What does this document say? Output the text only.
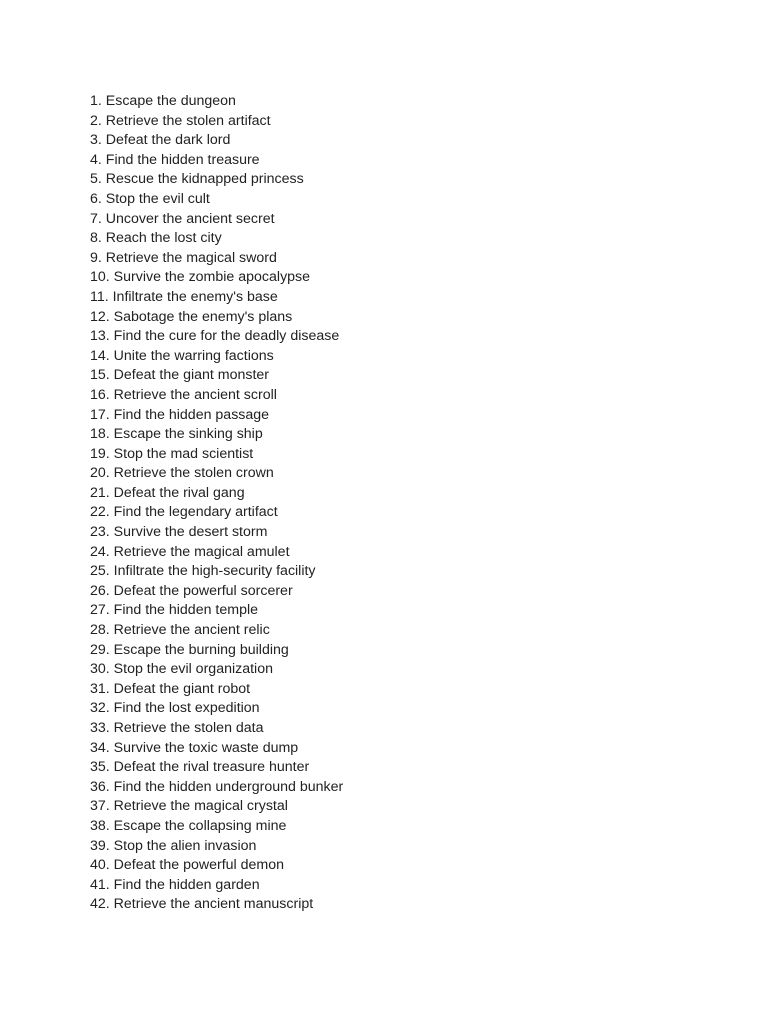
1. Escape the dungeon
2. Retrieve the stolen artifact
3. Defeat the dark lord
4. Find the hidden treasure
5. Rescue the kidnapped princess
6. Stop the evil cult
7. Uncover the ancient secret
8. Reach the lost city
9. Retrieve the magical sword
10. Survive the zombie apocalypse
11. Infiltrate the enemy's base
12. Sabotage the enemy's plans
13. Find the cure for the deadly disease
14. Unite the warring factions
15. Defeat the giant monster
16. Retrieve the ancient scroll
17. Find the hidden passage
18. Escape the sinking ship
19. Stop the mad scientist
20. Retrieve the stolen crown
21. Defeat the rival gang
22. Find the legendary artifact
23. Survive the desert storm
24. Retrieve the magical amulet
25. Infiltrate the high-security facility
26. Defeat the powerful sorcerer
27. Find the hidden temple
28. Retrieve the ancient relic
29. Escape the burning building
30. Stop the evil organization
31. Defeat the giant robot
32. Find the lost expedition
33. Retrieve the stolen data
34. Survive the toxic waste dump
35. Defeat the rival treasure hunter
36. Find the hidden underground bunker
37. Retrieve the magical crystal
38. Escape the collapsing mine
39. Stop the alien invasion
40. Defeat the powerful demon
41. Find the hidden garden
42. Retrieve the ancient manuscript
